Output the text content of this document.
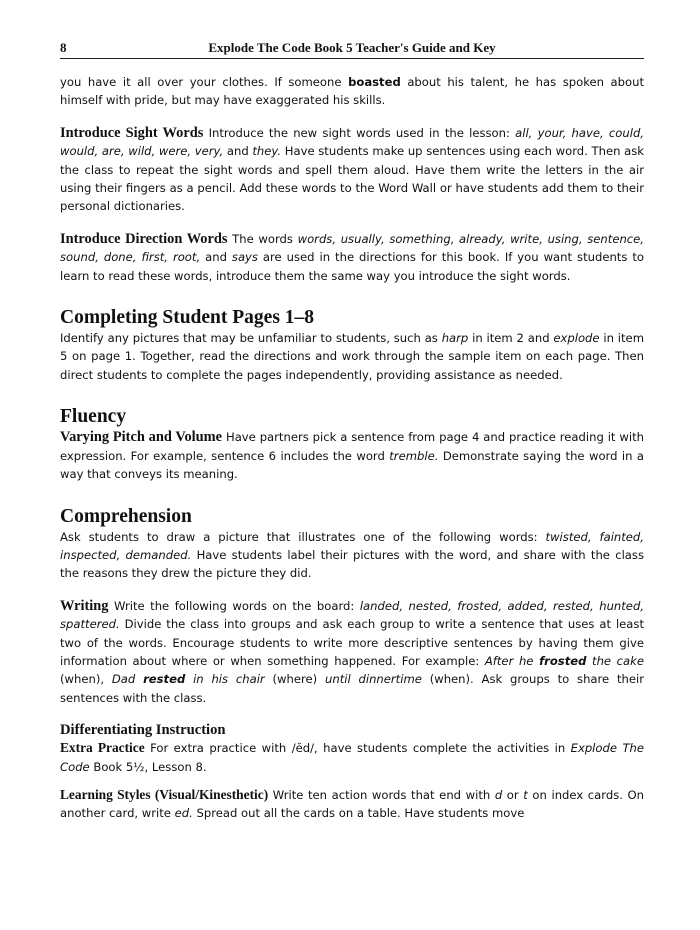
8	Explode The Code Book 5 Teacher's Guide and Key

you have it all over your clothes. If someone boasted about his talent, he has spoken about himself with pride, but may have exaggerated his skills.

Introduce Sight Words Introduce the new sight words used in the lesson: all, your, have, could, would, are, wild, were, very, and they. Have students make up sentences using each word. Then ask the class to repeat the sight words and spell them aloud. Have them write the letters in the air using their fingers as a pencil. Add these words to the Word Wall or have students add them to their personal dictionaries.

Introduce Direction Words The words words, usually, something, already, write, using, sentence, sound, done, first, root, and says are used in the directions for this book. If you want students to learn to read these words, introduce them the same way you introduce the sight words.

Completing Student Pages 1–8

Identify any pictures that may be unfamiliar to students, such as harp in item 2 and explode in item 5 on page 1. Together, read the directions and work through the sample item on each page. Then direct students to complete the pages independently, providing assistance as needed.

Fluency

Varying Pitch and Volume Have partners pick a sentence from page 4 and practice reading it with expression. For example, sentence 6 includes the word tremble. Demonstrate saying the word in a way that conveys its meaning.

Comprehension

Ask students to draw a picture that illustrates one of the following words: twisted, fainted, inspected, demanded. Have students label their pictures with the word, and share with the class the reasons they drew the picture they did.

Writing Write the following words on the board: landed, nested, frosted, added, rested, hunted, spattered. Divide the class into groups and ask each group to write a sentence that uses at least two of the words. Encourage students to write more descriptive sentences by having them give information about where or when something happened. For example: After he frosted the cake (when), Dad rested in his chair (where) until dinnertime (when). Ask groups to share their sentences with the class.

Differentiating Instruction

Extra Practice For extra practice with /ĕd/, have students complete the activities in Explode The Code Book 5½, Lesson 8.

Learning Styles (Visual/Kinesthetic) Write ten action words that end with d or t on index cards. On another card, write ed. Spread out all the cards on a table. Have students move
